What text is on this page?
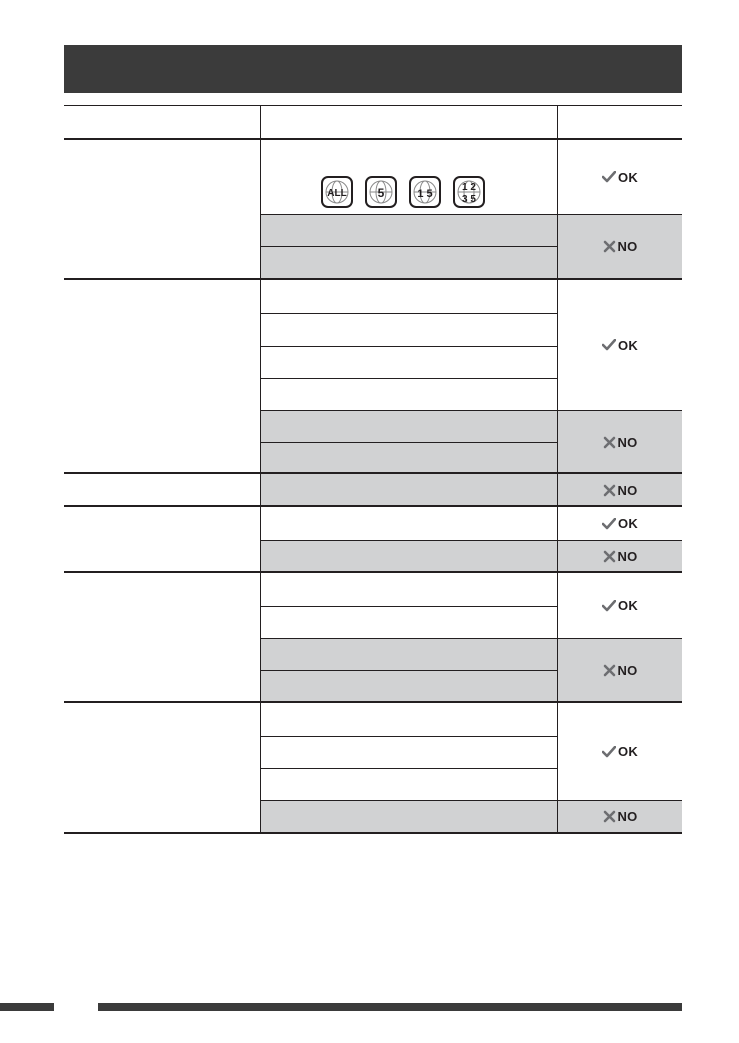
ALL	5	1 5
1 2
3 5
OK
NO
OK
NO
NO
OK
NO
OK
NO
OK
NO
